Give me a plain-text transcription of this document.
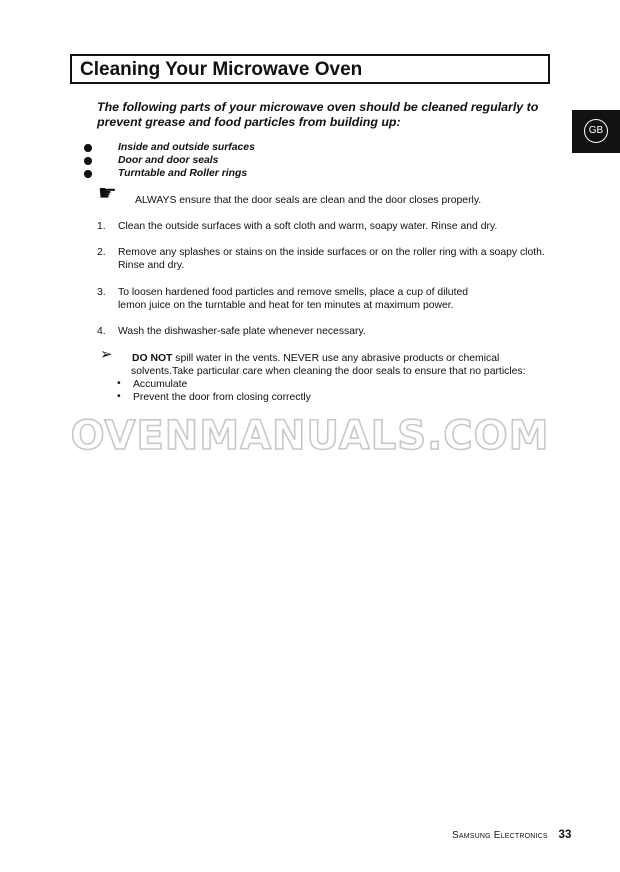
Cleaning Your Microwave Oven
GB

The following parts of your microwave oven should be cleaned regularly to prevent grease and food particles from building up:

Inside and outside surfaces
Door and door seals
Turntable and Roller rings
☛ ALWAYS ensure that the door seals are clean and the door closes properly.
1. Clean the outside surfaces with a soft cloth and warm, soapy water. Rinse and dry.
2. Remove any splashes or stains on the inside surfaces or on the roller ring with a soapy cloth. Rinse and dry.
3. To loosen hardened food particles and remove smells, place a cup of diluted lemon juice on the turntable and heat for ten minutes at maximum power.
4. Wash the dishwasher-safe plate whenever necessary.
➢ DO NOT spill water in the vents. NEVER use any abrasive products or chemical
solvents.Take particular care when cleaning the door seals to ensure that no particles:
• Accumulate
• Prevent the door from closing correctly
OVENMANUALS.COM
Samsung Electronics 33
